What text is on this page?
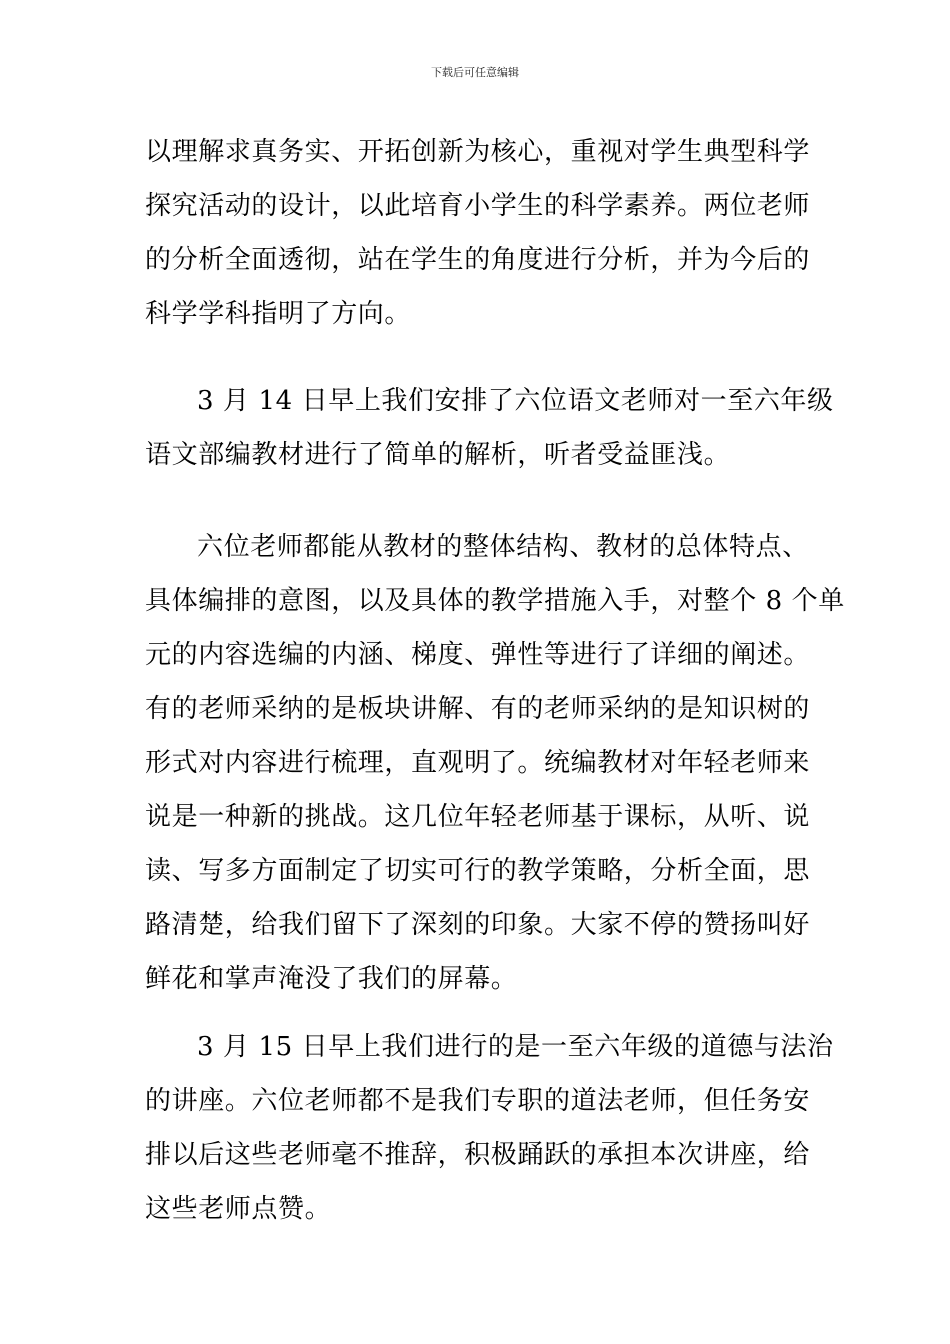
下载后可任意编辑
以理解求真务实、开拓创新为核心，重视对学生典型科学
探究活动的设计，以此培育小学生的科学素养。两位老师
的分析全面透彻，站在学生的角度进行分析，并为今后的
科学学科指明了方向。
3 月 14 日早上我们安排了六位语文老师对一至六年级
语文部编教材进行了简单的解析，听者受益匪浅。
六位老师都能从教材的整体结构、教材的总体特点、
具体编排的意图，以及具体的教学措施入手，对整个 8 个单
元的内容选编的内涵、梯度、弹性等进行了详细的阐述。
有的老师采纳的是板块讲解、有的老师采纳的是知识树的
形式对内容进行梳理，直观明了。统编教材对年轻老师来
说是一种新的挑战。这几位年轻老师基于课标，从听、说
读、写多方面制定了切实可行的教学策略，分析全面，思
路清楚，给我们留下了深刻的印象。大家不停的赞扬叫好
鲜花和掌声淹没了我们的屏幕。
3 月 15 日早上我们进行的是一至六年级的道德与法治
的讲座。六位老师都不是我们专职的道法老师，但任务安
排以后这些老师毫不推辞，积极踊跃的承担本次讲座，给
这些老师点赞。
